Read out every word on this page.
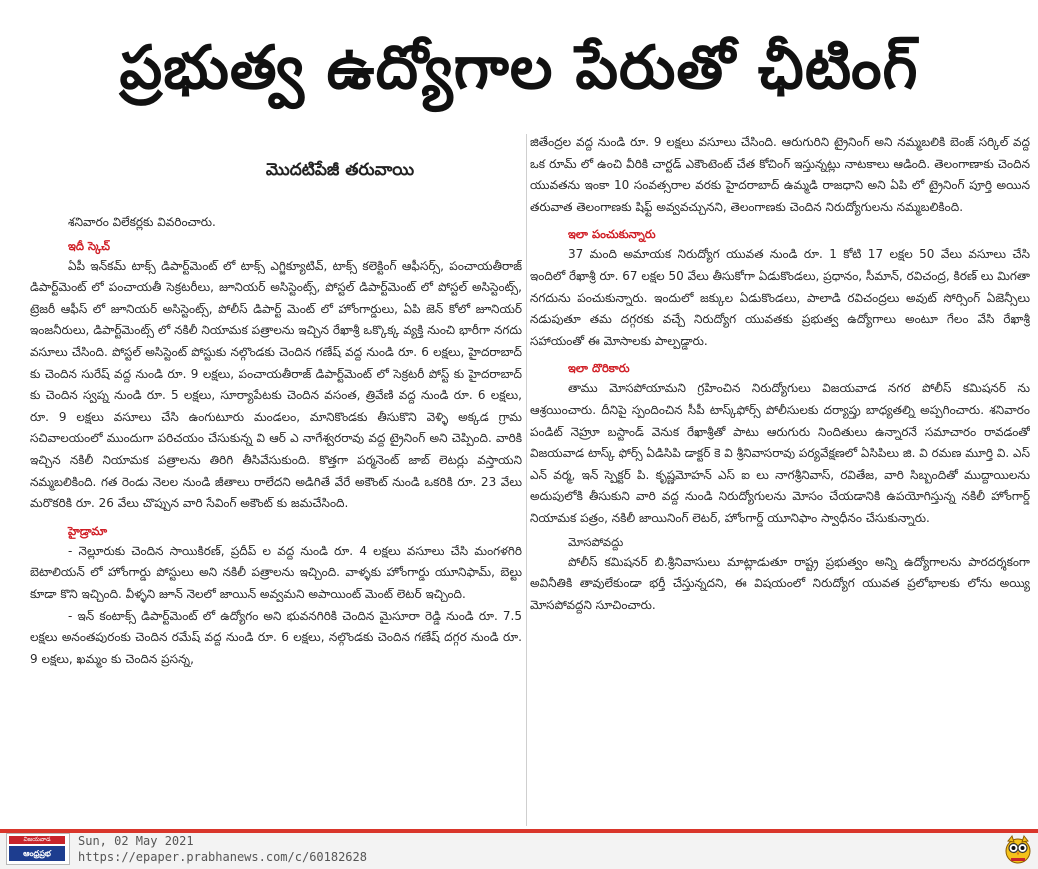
ప్రభుత్వ ఉద్యోగాల పేరుతో ఛీటింగ్
మొదటిపేజీ తరువాయి

శనివారం విలేకర్లకు వివరించారు.

ఇదీ స్కెచ్

ఏపీ ఇన్‌కమ్ టాక్స్ డిపార్ట్‌మెంట్ లో టాక్స్ ఎగ్జిక్యూటివ్, టాక్స్ కలెక్టింగ్ ఆఫీసర్స్, పంచాయతీరాజ్ డిపార్ట్‌మెంట్ లో పంచాయతీ సెక్రటరీలు, జూనియర్ అసిస్టెంట్స్, పోస్టల్ డిపార్ట్‌మెంట్ లో పోస్టల్ అసిస్టెంట్స్, ట్రెజరీ ఆఫీస్ లో జూనియర్ అసిస్టెంట్స్, పోలీస్ డిపార్ట్ మెంట్ లో హోంగార్డులు, ఏపి జెన్ కోలో జూనియర్ ఇంజనీరులు, డిపార్ట్‌మెంట్స్ లో నకిలీ నియామక పత్రాలను ఇచ్చిన రేఖాశ్రీ ఒక్కొక్క వ్యక్తి నుంచి భారీగా నగదు వసూలు చేసింది. పోస్టల్ అసిస్టెంట్ పోస్టుకు నల్గొండకు చెందిన గణేష్ వద్ద నుండి రూ. 6 లక్షలు, హైదరాబాద్ కు చెందిన సురేష్ వద్ద నుండి రూ. 9 లక్షలు, పంచాయతీరాజ్ డిపార్ట్‌మెంట్ లో సెక్రటరీ పోస్ట్ కు హైదరాబాద్ కు చెందిన స్వప్న నుండి రూ. 5 లక్షలు, సూర్యాపేటకు చెందిన వసంత, త్రివేణి వద్ద నుండి రూ. 6 లక్షలు, రూ. 9 లక్షలు వసూలు చేసి ఉంగుటూరు మండలం, మానికొండకు తీసుకొని వెళ్ళి అక్కడ గ్రామ సచివాలయంలో ముందుగా పరిచయం చేసుకున్న వి ఆర్ ఎ నాగేశ్వరరావు వద్ద ట్రైనింగ్ అని చెప్పింది. వారికి ఇచ్చిన నకిలీ నియామక పత్రాలను తిరిగి తీసివేసుకుంది. కొత్తగా పర్మనెంట్ జాబ్ లెటర్లు వస్తాయని నమ్మబలికింది. గత రెండు నెలల నుండి జీతాలు రాలేదని అడిగితే వేరే అకౌంట్ నుండి ఒకరికి రూ. 23 వేలు మరొకరికి రూ. 26 వేలు చొప్పున వారి సేవింగ్ అకౌంట్ కు జమచేసింది.

హైడ్రామా

- నెల్లూరుకు చెందిన సాయికిరణ్, ప్రదీప్ ల వద్ద నుండి రూ. 4 లక్షలు వసూలు చేసి మంగళగిరి బెటాలియన్ లో హోంగార్డు పోస్టులు అని నకిలీ పత్రాలను ఇచ్చింది. వాళ్ళకు హోంగార్డు యూనిఫామ్, బెల్టు కూడా కొని ఇచ్చింది. వీళ్ళని జూన్ నెలలో జాయిన్ అవ్వమని అపాయింట్ మెంట్ లెటర్ ఇచ్చింది.

- ఇన్ కంటాక్స్ డిపార్ట్‌మెంట్ లో ఉద్యోగం అని భువనగిరికి చెందిన మైసూరా రెడ్డి నుండి రూ. 7.5 లక్షలు అనంతపురంకు చెందిన రమేష్ వద్ద నుండి రూ. 6 లక్షలు, నల్గొండకు చెందిన గణేష్ దగ్గర నుండి రూ. 9 లక్షలు, ఖమ్మం కు చెందిన ప్రసన్న,

జితేంద్రల వద్ద నుండి రూ. 9 లక్షలు వసూలు చేసింది. ఆరుగురిని ట్రైనింగ్ అని నమ్మబలికి బెంజ్ సర్కిల్ వద్ద ఒక రూమ్ లో ఉంచి వీరికి చార్టడ్ ఎకౌంటెంట్ చేత కోచింగ్ ఇస్తున్నట్లు నాటకాలు ఆడింది. తెలంగాణాకు చెందిన యువతను ఇంకా 10 సంవత్సరాల వరకు హైదరాబాద్ ఉమ్మడి రాజధాని అని ఏపి లో ట్రైనింగ్ పూర్తి అయిన తరువాత తెలంగాణకు షిఫ్ట్ అవ్వవచ్చునని, తెలంగాణకు చెందిన నిరుద్యోగులను నమ్మబలికింది.

ఇలా పంచుకున్నారు

37 మంది అమాయక నిరుద్యోగ యువత నుండి రూ. 1 కోటి 17 లక్షల 50 వేలు వసూలు చేసి ఇందిలో రేఖాశ్రీ రూ. 67 లక్షల 50 వేలు తీసుకోగా ఏడుకొండలు, ప్రధానం, సీమాన్, రవిచంద్ర, కిరణ్ లు మిగతా నగదును పంచుకున్నారు. ఇందులో జక్కుల ఏడుకొండలు, పాలాడి రవిచంద్రలు అవుట్ సోర్సింగ్ ఏజెన్సీలు నడుపుతూ తమ దగ్గరకు వచ్చే నిరుద్యోగ యువతకు ప్రభుత్వ ఉద్యోగాలు అంటూ గేలం వేసి రేఖాశ్రీ సహాయంతో ఈ మోసాలకు పాల్పడ్డారు.

ఇలా దొరికారు

తాము మోసపోయామని గ్రహించిన నిరుద్యోగులు విజయవాడ నగర పోలీస్ కమిషనర్ ను ఆశ్రయించారు. దీనిపై స్పందించిన సీపీ టాస్క్‌ఫోర్స్ పోలీసులకు దర్యాప్తు బాధ్యతల్ని అప్పగించారు. శనివారం పండిట్ నెహ్రూ బస్టాండ్ వెనుక రేఖాశ్రీతో పాటు ఆరుగురు నిందితులు ఉన్నారనే సమాచారం రావడంతో విజయవాడ టాస్క్ ఫోర్స్ ఏడిసిపి డాక్టర్ కె వి శ్రీనివాసరావు పర్యవేక్షణలో ఏసిపిలు జి. వి రమణ మూర్తి వి. ఎస్ ఎన్ వర్మ, ఇన్ స్పెక్టర్ పి. కృష్ణమోహన్ ఎస్ ఐ లు నాగశ్రీనివాస్, రవితేజ, వారి సిబ్బందితో ముద్దాయిలను అదుపులోకి తీసుకుని వారి వద్ద నుండి నిరుద్యోగులను మోసం చేయడానికి ఉపయోగిస్తున్న నకిలీ హోంగార్డ్ నియామక పత్రం, నకిలీ జాయినింగ్ లెటర్, హోంగార్డ్ యూనిఫాం స్వాధీనం చేసుకున్నారు.

మోసపోవద్దు

పోలీస్ కమిషనర్ బి.శ్రీనివాసులు మాట్లాడుతూ రాష్ట్ర ప్రభుత్వం అన్ని ఉద్యోగాలను పారదర్శకంగా అవినీతికి తావులేకుండా భర్తీ చేస్తున్నదని, ఈ విషయంలో నిరుద్యోగ యువత ప్రలోభాలకు లోను అయ్యి మోసపోవద్దని సూచించారు.

విజయవాడ
ఆంధ్రప్రభ
Sun, 02 May 2021
https://epaper.prabhanews.com/c/60182628
